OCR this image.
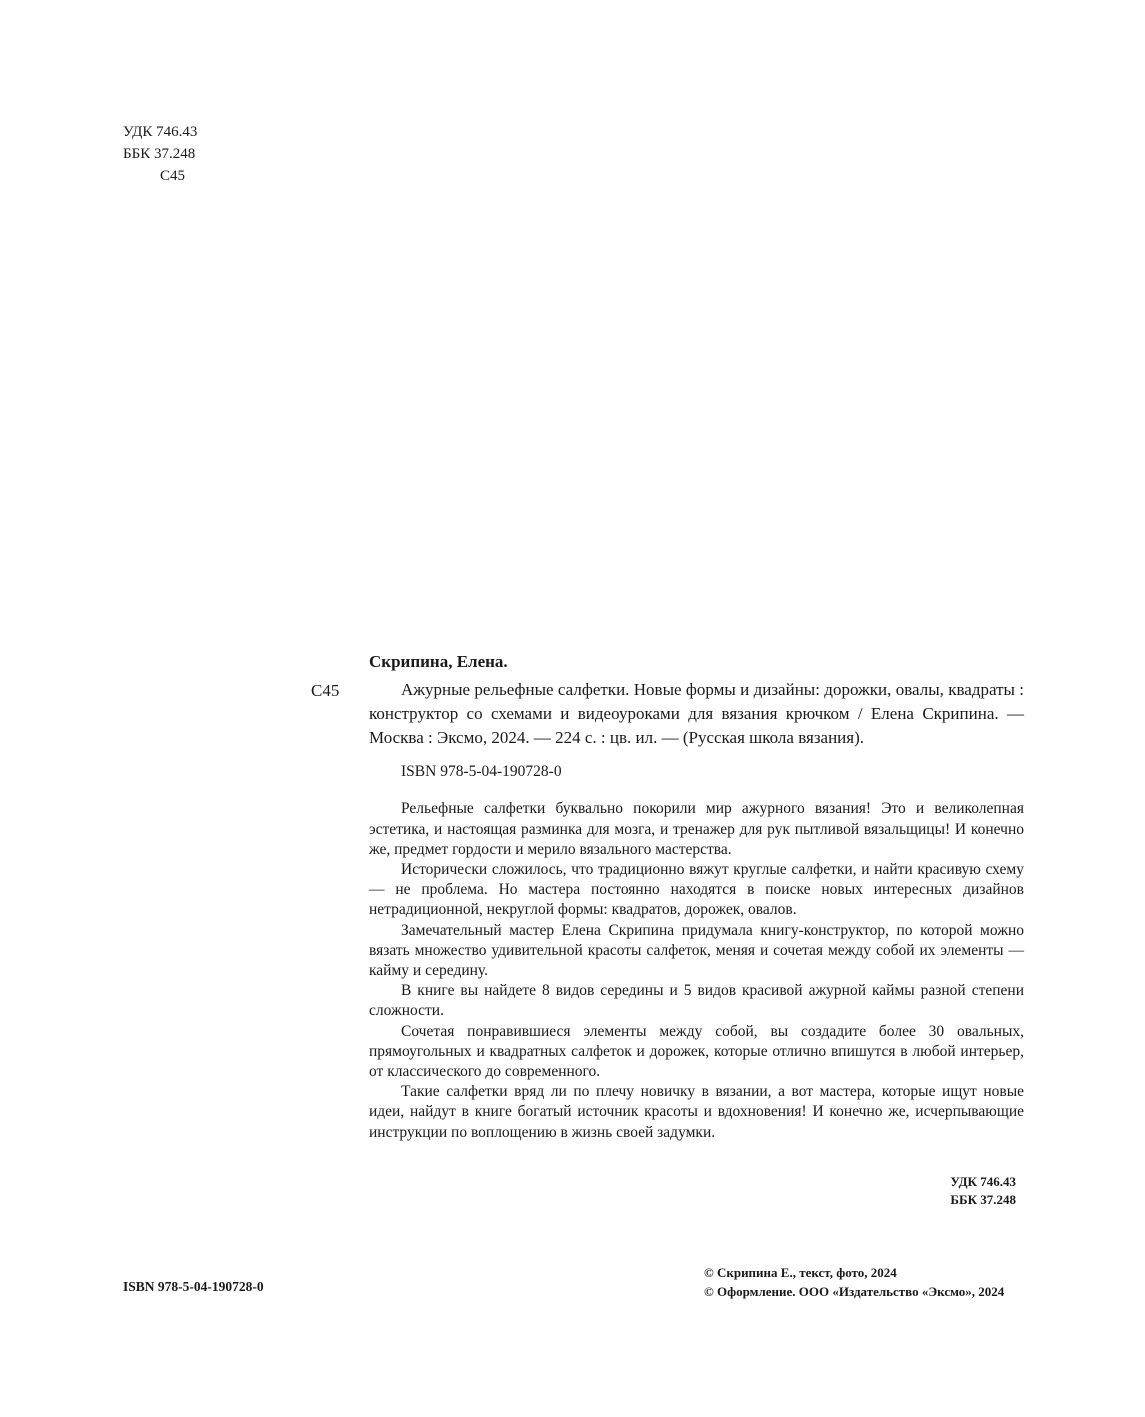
УДК 746.43
ББК 37.248
С45
С45

Скрипина, Елена.

Ажурные рельефные салфетки. Новые формы и дизайны: дорожки, овалы, квадраты : конструктор со схемами и видеоуроками для вязания крючком / Елена Скрипина. — Москва : Эксмо, 2024. — 224 с. : цв. ил. — (Русская школа вязания).

ISBN 978-5-04-190728-0

Рельефные салфетки буквально покорили мир ажурного вязания! Это и великолепная эстетика, и настоящая разминка для мозга, и тренажер для рук пытливой вязальщицы! И конечно же, предмет гордости и мерило вязального мастерства.

Исторически сложилось, что традиционно вяжут круглые салфетки, и найти красивую схему — не проблема. Но мастера постоянно находятся в поиске новых интересных дизайнов нетрадиционной, некруглой формы: квадратов, дорожек, овалов.

Замечательный мастер Елена Скрипина придумала книгу-конструктор, по которой можно вязать множество удивительной красоты салфеток, меняя и сочетая между собой их элементы — кайму и середину.

В книге вы найдете 8 видов середины и 5 видов красивой ажурной каймы разной степени сложности.

Сочетая понравившиеся элементы между собой, вы создадите более 30 овальных, прямоугольных и квадратных салфеток и дорожек, которые отлично впишутся в любой интерьер, от классического до современного.

Такие салфетки вряд ли по плечу новичку в вязании, а вот мастера, которые ищут новые идеи, найдут в книге богатый источник красоты и вдохновения! И конечно же, исчерпывающие инструкции по воплощению в жизнь своей задумки.

УДК 746.43
ББК 37.248
ISBN 978-5-04-190728-0
© Скрипина Е., текст, фото, 2024
© Оформление. ООО «Издательство «Эксмо», 2024
